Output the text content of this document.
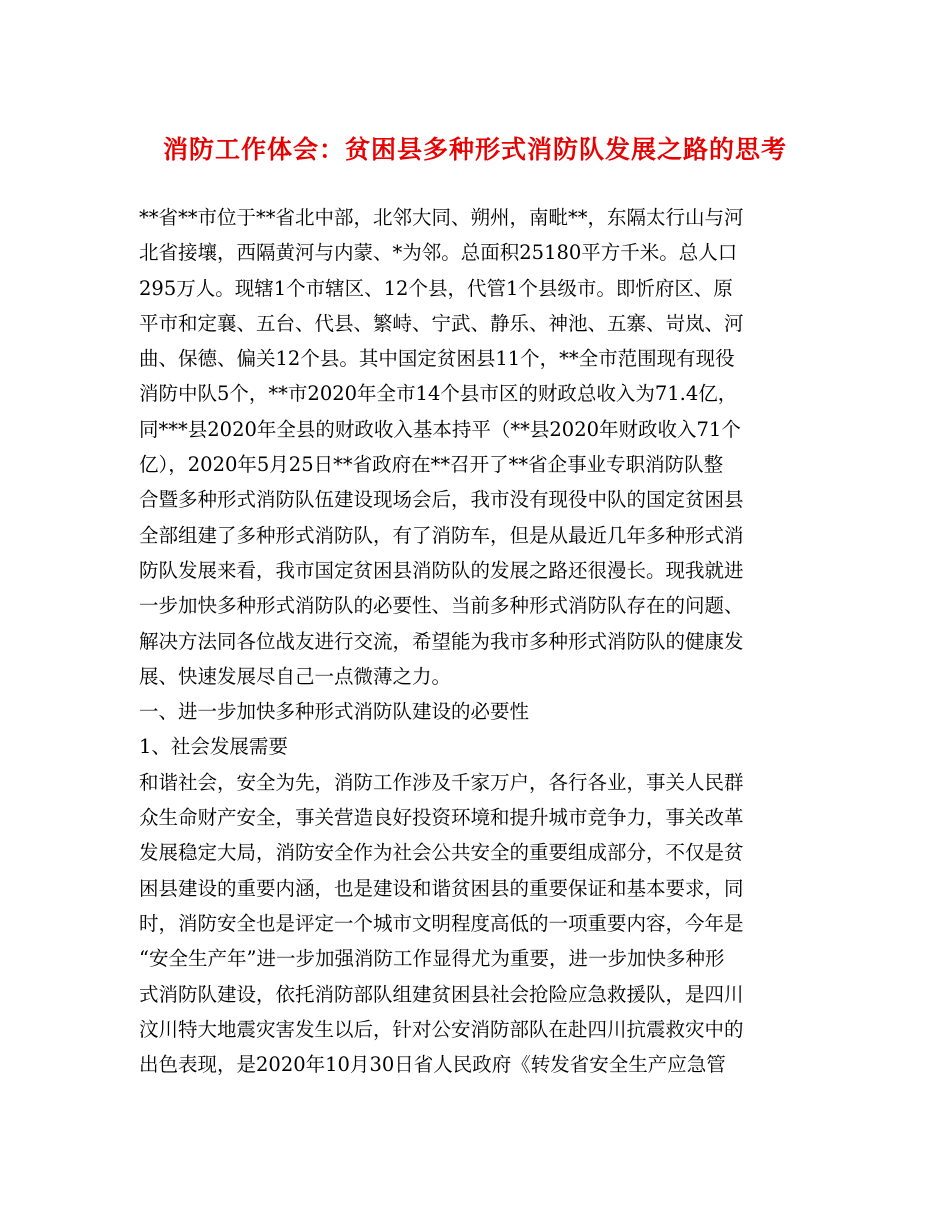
消防工作体会：贫困县多种形式消防队发展之路的思考
**省**市位于**省北中部，北邻大同、朔州，南毗**，东隔太行山与河
北省接壤，西隔黄河与内蒙、*为邻。总面积25180平方千米。总人口
295万人。现辖1个市辖区、12个县，代管1个县级市。即忻府区、原
平市和定襄、五台、代县、繁峙、宁武、静乐、神池、五寨、岢岚、河
曲、保德、偏关12个县。其中国定贫困县11个，**全市范围现有现役
消防中队5个，**市2020年全市14个县市区的财政总收入为71.4亿，
同***县2020年全县的财政收入基本持平（**县2020年财政收入71个
亿），2020年5月25日**省政府在**召开了**省企事业专职消防队整
合暨多种形式消防队伍建设现场会后，我市没有现役中队的国定贫困县
全部组建了多种形式消防队，有了消防车，但是从最近几年多种形式消
防队发展来看，我市国定贫困县消防队的发展之路还很漫长。现我就进
一步加快多种形式消防队的必要性、当前多种形式消防队存在的问题、
解决方法同各位战友进行交流，希望能为我市多种形式消防队的健康发
展、快速发展尽自己一点微薄之力。
一、进一步加快多种形式消防队建设的必要性
1、社会发展需要
和谐社会，安全为先，消防工作涉及千家万户，各行各业，事关人民群
众生命财产安全，事关营造良好投资环境和提升城市竞争力，事关改革
发展稳定大局，消防安全作为社会公共安全的重要组成部分，不仅是贫
困县建设的重要内涵，也是建设和谐贫困县的重要保证和基本要求，同
时，消防安全也是评定一个城市文明程度高低的一项重要内容，今年是
“安全生产年”进一步加强消防工作显得尤为重要，进一步加快多种形
式消防队建设，依托消防部队组建贫困县社会抢险应急救援队，是四川
汶川特大地震灾害发生以后，针对公安消防部队在赴四川抗震救灾中的
出色表现，是2020年10月30日省人民政府《转发省安全生产应急管
